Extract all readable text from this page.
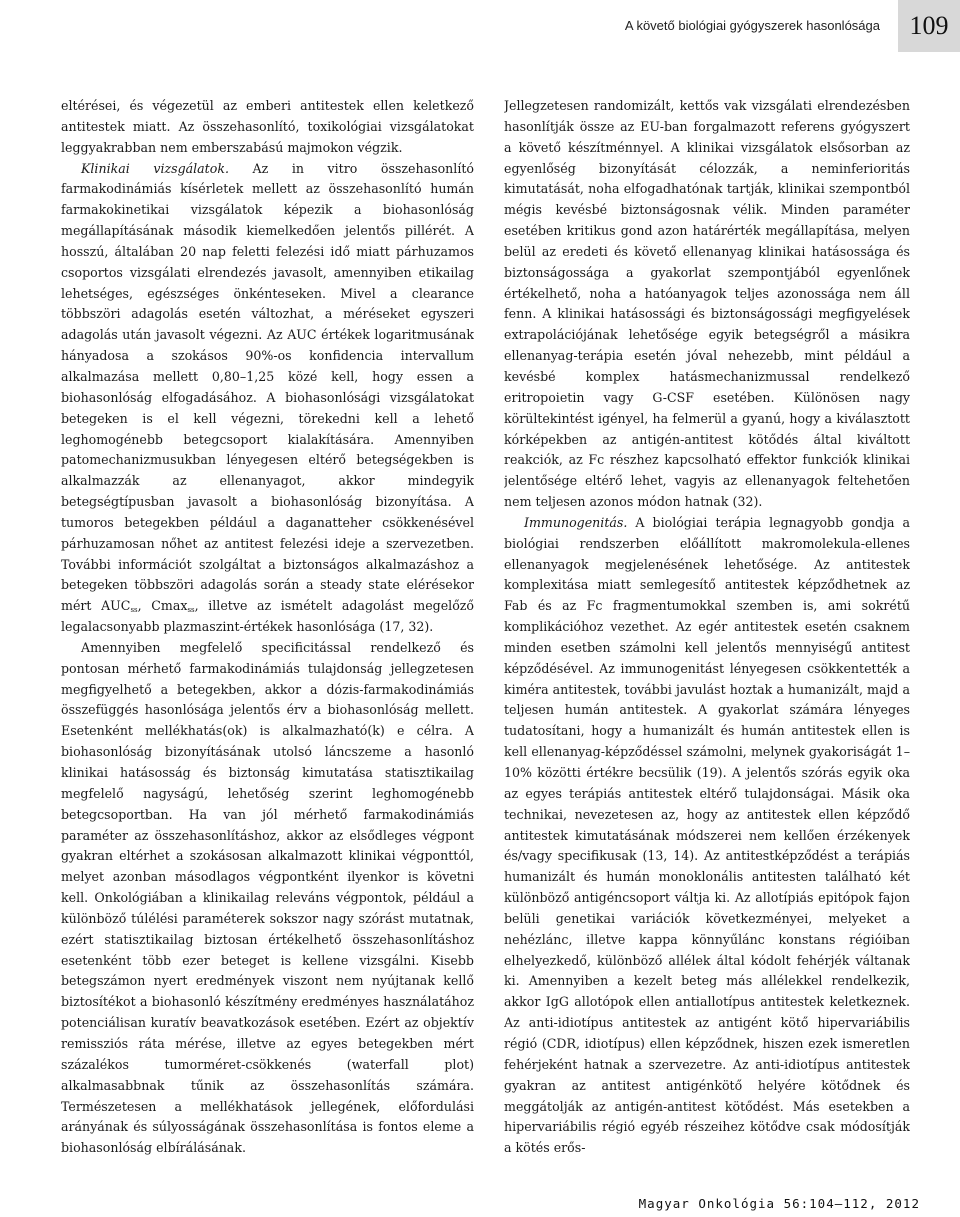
A követő biológiai gyógyszerek hasonlósága	109

eltérései, és végezetül az emberi antitestek ellen keletkező antitestek miatt. Az összehasonlító, toxikológiai vizsgálatokat leggyakrabban nem emberszabású majmokon végzik.

Klinikai vizsgálatok. Az in vitro összehasonlító farmakodinámiás kísérletek mellett az összehasonlító humán farmakokinetikai vizsgálatok képezik a biohasonlóság megállapításának második kiemelkedően jelentős pillérét. A hosszú, általában 20 nap feletti felezési idő miatt párhuzamos csoportos vizsgálati elrendezés javasolt, amennyiben etikailag lehetséges, egészséges önkénteseken. Mivel a clearance többszöri adagolás esetén változhat, a méréseket egyszeri adagolás után javasolt végezni. Az AUC értékek logaritmusának hányadosa a szokásos 90%-os konfidencia intervallum alkalmazása mellett 0,80–1,25 közé kell, hogy essen a biohasonlóság elfogadásához. A biohasonlósági vizsgálatokat betegeken is el kell végezni, törekedni kell a lehető leghomogénebb betegcsoport kialakítására. Amennyiben patomechanizmusukban lényegesen eltérő betegségekben is alkalmazzák az ellenanyagot, akkor mindegyik betegségtípusban javasolt a biohasonlóság bizonyítása. A tumoros betegekben például a daganatteher csökkenésével párhuzamosan nőhet az antitest felezési ideje a szervezetben. További információt szolgáltat a biztonságos alkalmazáshoz a betegeken többszöri adagolás során a steady state elérésekor mért $AUC_{ss}$, Cmax$_{ss}$, illetve az ismételt adagolást megelőző legalacsonyabb plazmaszint-értékek hasonlósága (17, 32).

Amennyiben megfelelő specificitással rendelkező és pontosan mérhető farmakodinámiás tulajdonság jellegzetesen megfigyelhető a betegekben, akkor a dózis-farmakodinámiás összefüggés hasonlósága jelentős érv a biohasonlóság mellett. Esetenként mellékhatás(ok) is alkalmazható(k) e célra. A biohasonlóság bizonyításának utolsó láncszeme a hasonló klinikai hatásosság és biztonság kimutatása statisztikailag megfelelő nagyságú, lehetőség szerint leghomogénebb betegcsoportban. Ha van jól mérhető farmakodinámiás paraméter az összehasonlításhoz, akkor az elsődleges végpont gyakran eltérhet a szokásosan alkalmazott klinikai végponttól, melyet azonban másodlagos végpontként ilyenkor is követni kell. Onkológiában a klinikailag releváns végpontok, például a különböző túlélési paraméterek sokszor nagy szórást mutatnak, ezért statisztikailag biztosan értékelhető összehasonlításhoz esetenként több ezer beteget is kellene vizsgálni. Kisebb betegszámon nyert eredmények viszont nem nyújtanak kellő biztosítékot a biohasonló készítmény eredményes használatához potenciálisan kuratív beavatkozások esetében. Ezért az objektív remissziós ráta mérése, illetve az egyes betegekben mért százalékos tumorméret-csökkenés (waterfall plot) alkalmasabbnak tűnik az összehasonlítás számára. Természetesen a mellékhatások jellegének, előfordulási arányának és súlyosságának összehasonlítása is fontos eleme a biohasonlóság elbírálásának.

Jellegzetesen randomizált, kettős vak vizsgálati elrendezésben hasonlítják össze az EU-ban forgalmazott referens gyógyszert a követő készítménnyel. A klinikai vizsgálatok elsősorban az egyenlőség bizonyítását célozzák, a neminferioritás kimutatását, noha elfogadhatónak tartják, klinikai szempontból mégis kevésbé biztonságosnak vélik. Minden paraméter esetében kritikus gond azon határérték megállapítása, melyen belül az eredeti és követő ellenanyag klinikai hatásossága és biztonságossága a gyakorlat szempontjából egyenlőnek értékelhető, noha a hatóanyagok teljes azonossága nem áll fenn. A klinikai hatásossági és biztonságossági megfigyelések extrapolációjának lehetősége egyik betegségről a másikra ellenanyag-terápia esetén jóval nehezebb, mint például a kevésbé komplex hatásmechanizmussal rendelkező eritropoietin vagy G-CSF esetében. Különösen nagy körültekintést igényel, ha felmerül a gyanú, hogy a kiválasztott kórképekben az antigén-antitest kötődés által kiváltott reakciók, az Fc részhez kapcsolható effektor funkciók klinikai jelentősége eltérő lehet, vagyis az ellenanyagok feltehetően nem teljesen azonos módon hatnak (32).

Immunogenitás. A biológiai terápia legnagyobb gondja a biológiai rendszerben előállított makromolekula-ellenes ellenanyagok megjelenésének lehetősége. Az antitestek komplexitása miatt semlegesítő antitestek képződhetnek az Fab és az Fc fragmentumokkal szemben is, ami sokrétű komplikációhoz vezethet. Az egér antitestek esetén csaknem minden esetben számolni kell jelentős mennyiségű antitest képződésével. Az immunogenitást lényegesen csökkentették a kiméra antitestek, további javulást hoztak a humanizált, majd a teljesen humán antitestek. A gyakorlat számára lényeges tudatosítani, hogy a humanizált és humán antitestek ellen is kell ellenanyag-képződéssel számolni, melynek gyakoriságát 1–10% közötti értékre becsülik (19). A jelentős szórás egyik oka az egyes terápiás antitestek eltérő tulajdonságai. Másik oka technikai, nevezetesen az, hogy az antitestek ellen képződő antitestek kimutatásának módszerei nem kellően érzékenyek és/vagy specifikusak (13, 14). Az antitestképződést a terápiás humanizált és humán monoklonális antitesten található két különböző antigéncsoport váltja ki. Az allotípiás epitópok fajon belüli genetikai variációk következményei, melyeket a nehézlánc, illetve kappa könnyűlánc konstans régióiban elhelyezkedő, különböző allélek által kódolt fehérjék váltanak ki. Amennyiben a kezelt beteg más allélekkel rendelkezik, akkor IgG allotópok ellen antiallotípus antitestek keletkeznek. Az anti-idiotípus antitestek az antigént kötő hipervariábilis régió (CDR, idiotípus) ellen képződnek, hiszen ezek ismeretlen fehérjeként hatnak a szervezetre. Az anti-idiotípus antitestek gyakran az antitest antigénkötő helyére kötődnek és meggátolják az antigén-antitest kötődést. Más esetekben a hipervariábilis régió egyéb részeihez kötődve csak módosítják a kötés erős-

Magyar Onkológia 56:104–112, 2012
